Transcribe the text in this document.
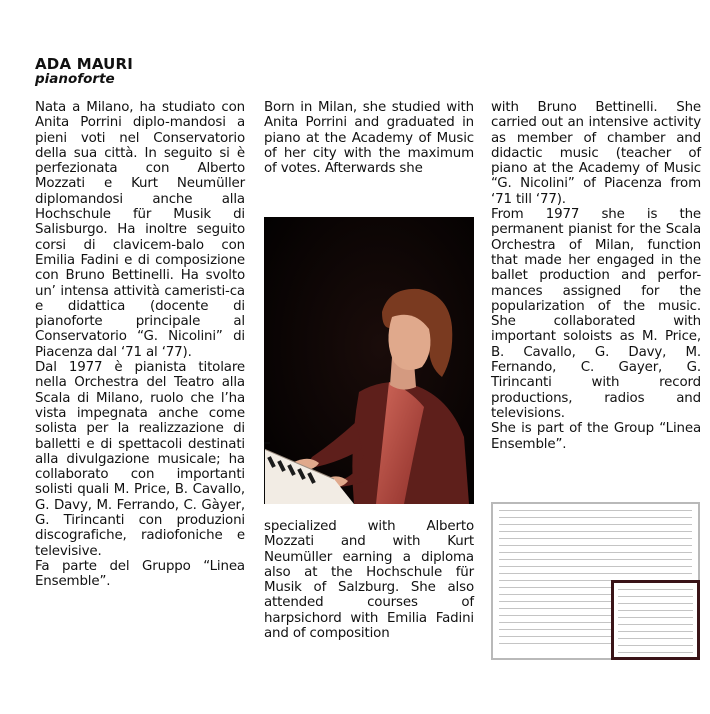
ADA MAURI
pianoforte

Nata a Milano, ha studiato con Anita Porrini diplo-mandosi a pieni voti nel Conservatorio della sua città. In seguito si è perfezionata con Alberto Mozzati e Kurt Neumüller diplomandosi anche alla Hochschule für Musik di Salisburgo. Ha inoltre seguito corsi di clavicem-balo con Emilia Fadini e di composizione con Bruno Bettinelli. Ha svolto un’ intensa attività cameristi-ca e didattica (docente di pianoforte principale al Conservatorio “G. Nicolini” di Piacenza dal ‘71 al ‘77).

Dal 1977 è pianista titolare nella Orchestra del Teatro alla Scala di Milano, ruolo che l’ha vista impegnata anche come solista per la realizzazione di balletti e di spettacoli destinati alla divulgazione musicale; ha collaborato con importanti solisti quali M. Price, B. Cavallo, G. Davy, M. Ferrando, C. Gàyer, G. Tirincanti con produzioni discografiche, radiofoniche e televisive.

Fa parte del Gruppo “Linea Ensemble”.

Born in Milan, she studied with Anita Porrini and graduated in piano at the Academy of Music of her city with the maximum of votes. Afterwards she

specialized with Alberto Mozzati and with Kurt Neumüller earning a diploma also at the Hochschule für Musik of Salzburg. She also attended courses of harpsichord with Emilia Fadini and of composition

with Bruno Bettinelli. She carried out an intensive activity as member of chamber and didactic music (teacher of piano at the Academy of Music “G. Nicolini” of Piacenza from ‘71 till ‘77).

From 1977 she is the permanent pianist for the Scala Orchestra of Milan, function that made her engaged in the ballet production and perfor-mances assigned for the popularization of the music. She collaborated with important soloists as M. Price, B. Cavallo, G. Davy, M. Fernando, C. Gayer, G. Tirincanti with record productions, radios and televisions.

She is part of the Group “Linea Ensemble”.
